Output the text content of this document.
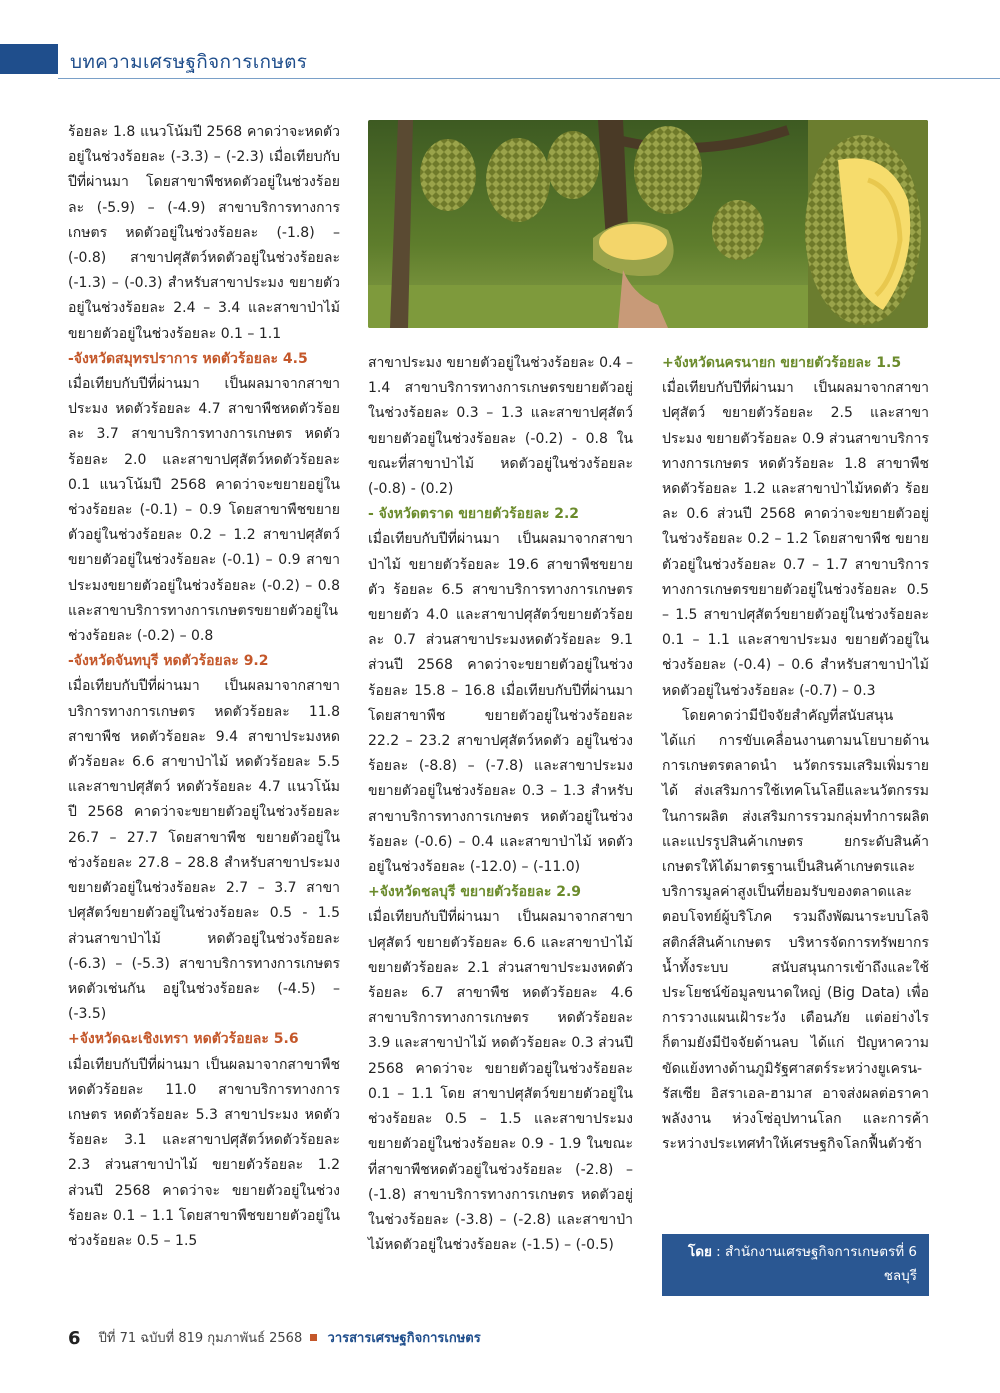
บทความเศรษฐกิจการเกษตร

ร้อยละ 1.8 แนวโน้มปี 2568 คาดว่าจะหดตัวอยู่ในช่วงร้อยละ (-3.3) – (-2.3) เมื่อเทียบกับปีที่ผ่านมา โดยสาขาพืชหดตัวอยู่ในช่วงร้อยละ (-5.9) – (-4.9) สาขาบริการทางการเกษตร หดตัวอยู่ในช่วงร้อยละ (-1.8) – (-0.8) สาขาปศุสัตว์หดตัวอยู่ในช่วงร้อยละ (-1.3) – (-0.3) สำหรับสาขาประมง ขยายตัวอยู่ในช่วงร้อยละ 2.4 – 3.4 และสาขาป่าไม้ ขยายตัวอยู่ในช่วงร้อยละ 0.1 – 1.1

-จังหวัดสมุทรปราการ หดตัวร้อยละ 4.5

เมื่อเทียบกับปีที่ผ่านมา เป็นผลมาจากสาขาประมง หดตัวร้อยละ 4.7 สาขาพืชหดตัวร้อยละ 3.7 สาขาบริการทางการเกษตร หดตัวร้อยละ 2.0 และสาขาปศุสัตว์หดตัวร้อยละ 0.1 แนวโน้มปี 2568 คาดว่าจะขยายอยู่ในช่วงร้อยละ (-0.1) – 0.9 โดยสาขาพืชขยายตัวอยู่ในช่วงร้อยละ 0.2 – 1.2 สาขาปศุสัตว์ ขยายตัวอยู่ในช่วงร้อยละ (-0.1) – 0.9 สาขาประมงขยายตัวอยู่ในช่วงร้อยละ (-0.2) – 0.8 และสาขาบริการทางการเกษตรขยายตัวอยู่ในช่วงร้อยละ (-0.2) – 0.8

-จังหวัดจันทบุรี หดตัวร้อยละ 9.2

เมื่อเทียบกับปีที่ผ่านมา เป็นผลมาจากสาขาบริการทางการเกษตร หดตัวร้อยละ 11.8 สาขาพืช หดตัวร้อยละ 9.4 สาขาประมงหดตัวร้อยละ 6.6 สาขาป่าไม้ หดตัวร้อยละ 5.5 และสาขาปศุสัตว์ หดตัวร้อยละ 4.7 แนวโน้มปี 2568 คาดว่าจะขยายตัวอยู่ในช่วงร้อยละ 26.7 – 27.7 โดยสาขาพืช ขยายตัวอยู่ในช่วงร้อยละ 27.8 – 28.8 สำหรับสาขาประมงขยายตัวอยู่ในช่วงร้อยละ 2.7 – 3.7 สาขาปศุสัตว์ขยายตัวอยู่ในช่วงร้อยละ 0.5 - 1.5 ส่วนสาขาป่าไม้ หดตัวอยู่ในช่วงร้อยละ (-6.3) – (-5.3) สาขาบริการทางการเกษตรหดตัวเช่นกัน อยู่ในช่วงร้อยละ (-4.5) – (-3.5)

+จังหวัดฉะเชิงเทรา หดตัวร้อยละ 5.6

เมื่อเทียบกับปีที่ผ่านมา เป็นผลมาจากสาขาพืช หดตัวร้อยละ 11.0 สาขาบริการทางการเกษตร หดตัวร้อยละ 5.3 สาขาประมง หดตัวร้อยละ 3.1 และสาขาปศุสัตว์หดตัวร้อยละ 2.3 ส่วนสาขาป่าไม้ ขยายตัวร้อยละ 1.2 ส่วนปี 2568 คาดว่าจะ ขยายตัวอยู่ในช่วงร้อยละ 0.1 – 1.1 โดยสาขาพืชขยายตัวอยู่ในช่วงร้อยละ 0.5 – 1.5

สาขาประมง ขยายตัวอยู่ในช่วงร้อยละ 0.4 – 1.4 สาขาบริการทางการเกษตรขยายตัวอยู่ในช่วงร้อยละ 0.3 – 1.3 และสาขาปศุสัตว์ ขยายตัวอยู่ในช่วงร้อยละ (-0.2) - 0.8 ในขณะที่สาขาป่าไม้ หดตัวอยู่ในช่วงร้อยละ (-0.8) - (0.2)

- จังหวัดตราด ขยายตัวร้อยละ 2.2

เมื่อเทียบกับปีที่ผ่านมา เป็นผลมาจากสาขาป่าไม้ ขยายตัวร้อยละ 19.6 สาขาพืชขยายตัว ร้อยละ 6.5 สาขาบริการทางการเกษตร ขยายตัว 4.0 และสาขาปศุสัตว์ขยายตัวร้อยละ 0.7 ส่วนสาขาประมงหดตัวร้อยละ 9.1 ส่วนปี 2568 คาดว่าจะขยายตัวอยู่ในช่วงร้อยละ 15.8 – 16.8 เมื่อเทียบกับปีที่ผ่านมา โดยสาขาพืช ขยายตัวอยู่ในช่วงร้อยละ 22.2 – 23.2 สาขาปศุสัตว์หดตัว อยู่ในช่วงร้อยละ (-8.8) – (-7.8) และสาขาประมง ขยายตัวอยู่ในช่วงร้อยละ 0.3 – 1.3 สำหรับสาขาบริการทางการเกษตร หดตัวอยู่ในช่วงร้อยละ (-0.6) – 0.4 และสาขาป่าไม้ หดตัวอยู่ในช่วงร้อยละ (-12.0) – (-11.0)

+จังหวัดชลบุรี ขยายตัวร้อยละ 2.9

เมื่อเทียบกับปีที่ผ่านมา เป็นผลมาจากสาขาปศุสัตว์ ขยายตัวร้อยละ 6.6 และสาขาป่าไม้ขยายตัวร้อยละ 2.1 ส่วนสาขาประมงหดตัวร้อยละ 6.7 สาขาพืช หดตัวร้อยละ 4.6 สาขาบริการทางการเกษตร หดตัวร้อยละ 3.9 และสาขาป่าไม้ หดตัวร้อยละ 0.3 ส่วนปี 2568 คาดว่าจะ ขยายตัวอยู่ในช่วงร้อยละ 0.1 – 1.1 โดย สาขาปศุสัตว์ขยายตัวอยู่ในช่วงร้อยละ 0.5 – 1.5 และสาขาประมง ขยายตัวอยู่ในช่วงร้อยละ 0.9 - 1.9 ในขณะที่สาขาพืชหดตัวอยู่ในช่วงร้อยละ (-2.8) – (-1.8) สาขาบริการทางการเกษตร หดตัวอยู่ในช่วงร้อยละ (-3.8) – (-2.8) และสาขาป่าไม้หดตัวอยู่ในช่วงร้อยละ (-1.5) – (-0.5)

+จังหวัดนครนายก ขยายตัวร้อยละ 1.5

เมื่อเทียบกับปีที่ผ่านมา เป็นผลมาจากสาขาปศุสัตว์ ขยายตัวร้อยละ 2.5 และสาขาประมง ขยายตัวร้อยละ 0.9 ส่วนสาขาบริการทางการเกษตร หดตัวร้อยละ 1.8 สาขาพืช หดตัวร้อยละ 1.2 และสาขาป่าไม้หดตัว ร้อยละ 0.6 ส่วนปี 2568 คาดว่าจะขยายตัวอยู่ในช่วงร้อยละ 0.2 – 1.2 โดยสาขาพืช ขยายตัวอยู่ในช่วงร้อยละ 0.7 – 1.7 สาขาบริการทางการเกษตรขยายตัวอยู่ในช่วงร้อยละ 0.5 – 1.5 สาขาปศุสัตว์ขยายตัวอยู่ในช่วงร้อยละ 0.1 – 1.1 และสาขาประมง ขยายตัวอยู่ในช่วงร้อยละ (-0.4) – 0.6 สำหรับสาขาป่าไม้หดตัวอยู่ในช่วงร้อยละ (-0.7) – 0.3

โดยคาดว่ามีปัจจัยสำคัญที่สนับสนุน ได้แก่ การขับเคลื่อนงานตามนโยบายด้านการเกษตรตลาดนำ นวัตกรรมเสริมเพิ่มรายได้ ส่งเสริมการใช้เทคโนโลยีและนวัตกรรมในการผลิต ส่งเสริมการรวมกลุ่มทำการผลิตและแปรรูปสินค้าเกษตร ยกระดับสินค้าเกษตรให้ได้มาตรฐานเป็นสินค้าเกษตรและบริการมูลค่าสูงเป็นที่ยอมรับของตลาดและตอบโจทย์ผู้บริโภค รวมถึงพัฒนาระบบโลจิสติกส์สินค้าเกษตร บริหารจัดการทรัพยากรน้ำทั้งระบบ สนับสนุนการเข้าถึงและใช้ประโยชน์ข้อมูลขนาดใหญ่ (Big Data) เพื่อการวางแผนเฝ้าระวัง เตือนภัย แต่อย่างไรก็ตามยังมีปัจจัยด้านลบ ได้แก่ ปัญหาความขัดแย้งทางด้านภูมิรัฐศาสตร์ระหว่างยูเครน-รัสเซีย อิสราเอล-ฮามาส อาจส่งผลต่อราคาพลังงาน ห่วงโซ่อุปทานโลก และการค้าระหว่างประเทศทำให้เศรษฐกิจโลกฟื้นตัวช้า

โดย : สำนักงานเศรษฐกิจการเกษตรที่ 6 ชลบุรี
6 ปีที่ 71 ฉบับที่ 819 กุมภาพันธ์ 2568 วารสารเศรษฐกิจการเกษตร
